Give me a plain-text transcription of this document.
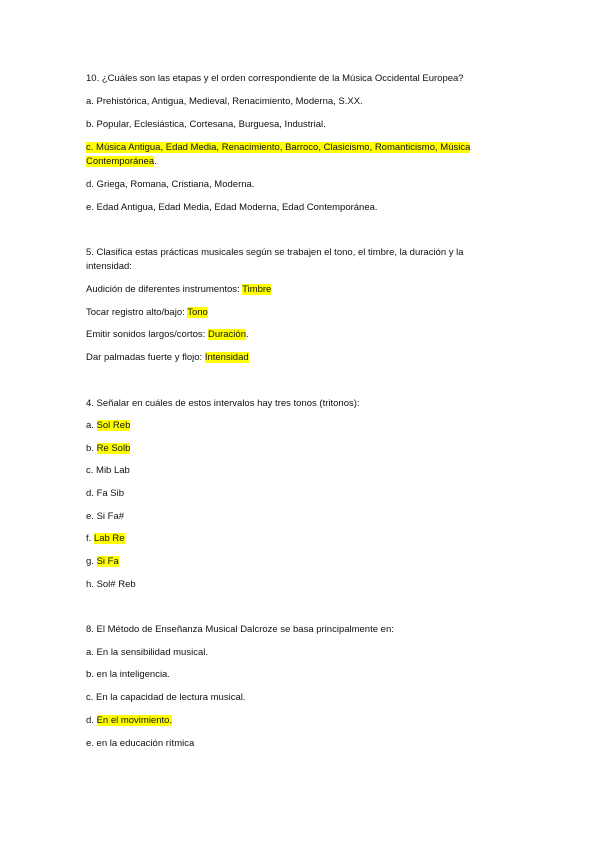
10. ¿Cuáles son las etapas y el orden correspondiente de la Música Occidental Europea?
a. Prehistórica, Antigua, Medieval, Renacimiento, Moderna, S.XX.
b. Popular, Eclesiástica, Cortesana, Burguesa, Industrial.
c. Música Antigua, Edad Media, Renacimiento, Barroco, Clasicismo, Romanticismo, Música
Contemporánea.
d. Griega, Romana, Cristiana, Moderna.
e. Edad Antigua, Edad Media, Edad Moderna, Edad Contemporánea.
5. Clasifica estas prácticas musicales según se trabajen el tono, el timbre, la duración y la
intensidad:
Audición de diferentes instrumentos: Timbre
Tocar registro alto/bajo: Tono
Emitir sonidos largos/cortos: Duración.
Dar palmadas fuerte y flojo: Intensidad
4. Señalar en cuáles de estos intervalos hay tres tonos (tritonos):
a. Sol Reb
b. Re Solb
c. Mib Lab
d. Fa Sib
e. Si Fa#
f. Lab Re
g. Si Fa
h. Sol# Reb
8. El Método de Enseñanza Musical Dalcroze se basa principalmente en:
a. En la sensibilidad musical.
b. en la inteligencia.
c. En la capacidad de lectura musical.
d. En el movimiento.
e. en la educación rítmica
